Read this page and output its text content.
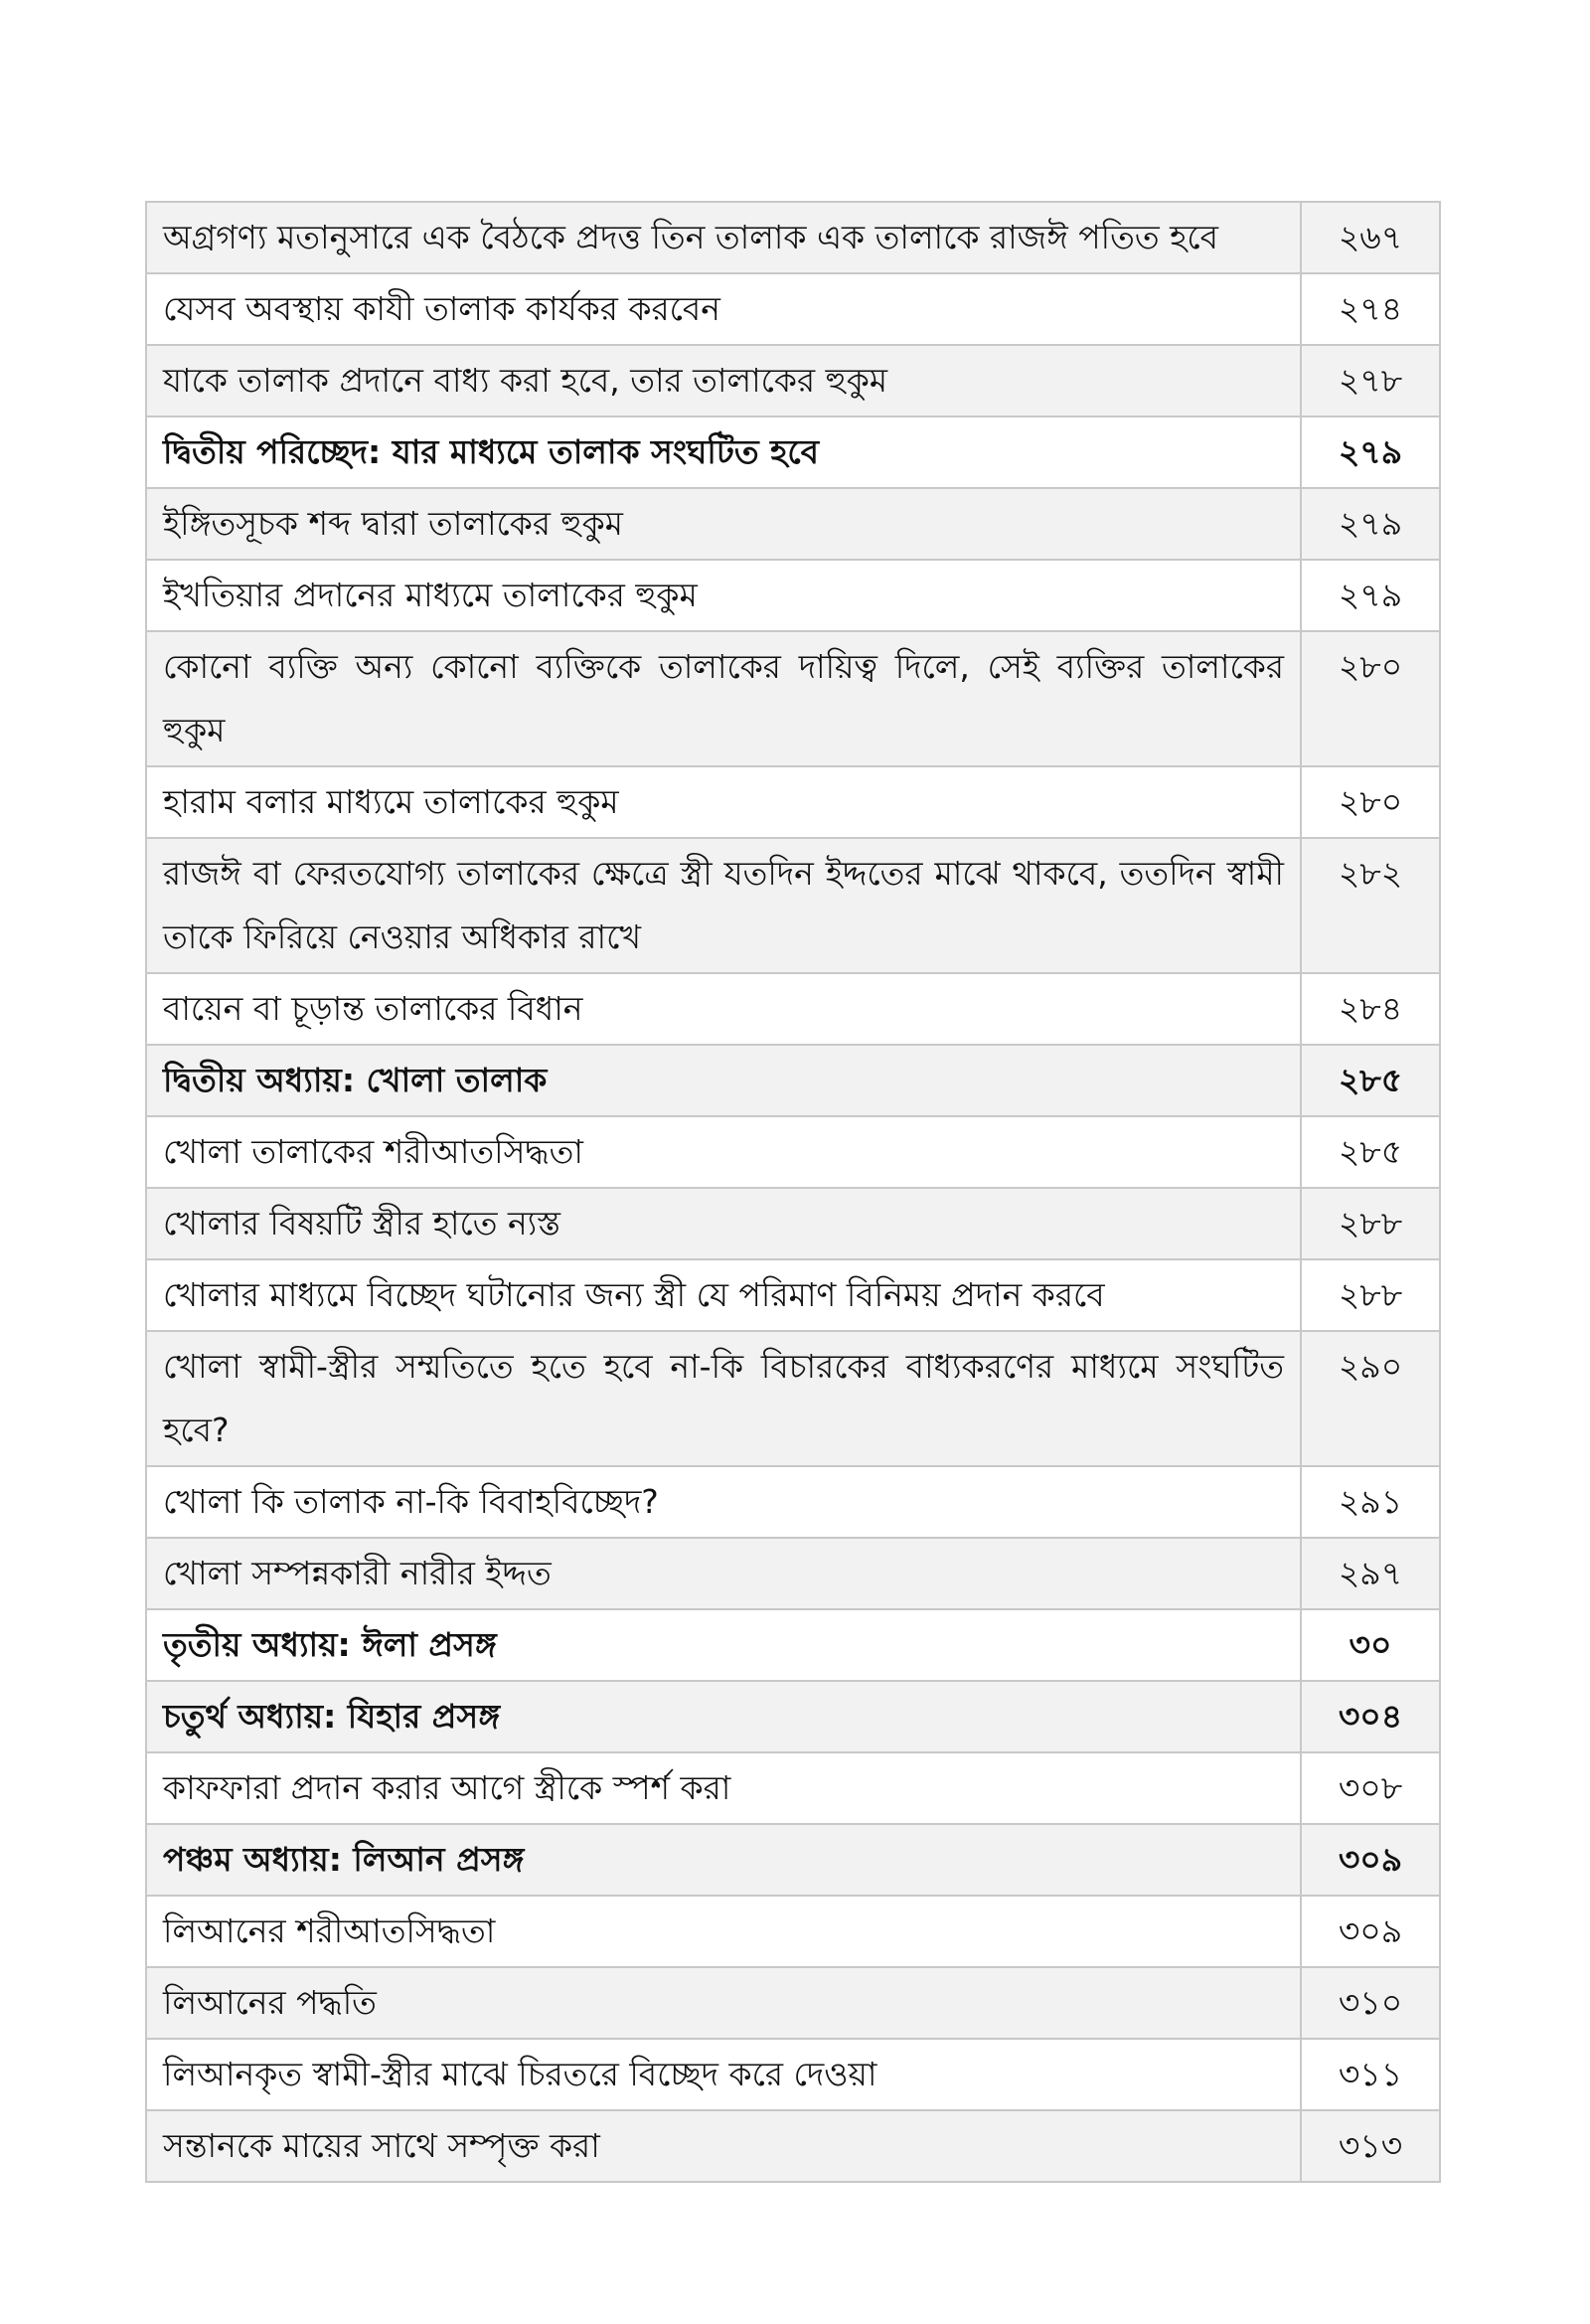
অগ্রগণ্য মতানুসারে এক বৈঠকে প্রদত্ত তিন তালাক এক তালাকে রাজঈ পতিত হবে	২৬৭
যেসব অবস্থায় কাযী তালাক কার্যকর করবেন	২৭৪
যাকে তালাক প্রদানে বাধ্য করা হবে, তার তালাকের হুকুম	২৭৮
দ্বিতীয় পরিচ্ছেদ: যার মাধ্যমে তালাক সংঘটিত হবে	২৭৯
ইঙ্গিতসূচক শব্দ দ্বারা তালাকের হুকুম	২৭৯
ইখতিয়ার প্রদানের মাধ্যমে তালাকের হুকুম	২৭৯
কোনো ব্যক্তি অন্য কোনো ব্যক্তিকে তালাকের দায়িত্ব দিলে, সেই ব্যক্তির তালাকের হুকুম	২৮০
হারাম বলার মাধ্যমে তালাকের হুকুম	২৮০
রাজঈ বা ফেরতযোগ্য তালাকের ক্ষেত্রে স্ত্রী যতদিন ইদ্দতের মাঝে থাকবে, ততদিন স্বামী তাকে ফিরিয়ে নেওয়ার অধিকার রাখে	২৮২
বায়েন বা চূড়ান্ত তালাকের বিধান	২৮৪
দ্বিতীয় অধ্যায়: খোলা তালাক	২৮৫
খোলা তালাকের শরীআতসিদ্ধতা	২৮৫
খোলার বিষয়টি স্ত্রীর হাতে ন্যস্ত	২৮৮
খোলার মাধ্যমে বিচ্ছেদ ঘটানোর জন্য স্ত্রী যে পরিমাণ বিনিময় প্রদান করবে	২৮৮
খোলা স্বামী-স্ত্রীর সম্মতিতে হতে হবে না-কি বিচারকের বাধ্যকরণের মাধ্যমে সংঘটিত হবে?	২৯০
খোলা কি তালাক না-কি বিবাহবিচ্ছেদ?	২৯১
খোলা সম্পন্নকারী নারীর ইদ্দত	২৯৭
তৃতীয় অধ্যায়: ঈলা প্রসঙ্গ	৩০
চতুর্থ অধ্যায়: যিহার প্রসঙ্গ	৩০৪
কাফফারা প্রদান করার আগে স্ত্রীকে স্পর্শ করা	৩০৮
পঞ্চম অধ্যায়: লিআন প্রসঙ্গ	৩০৯
লিআনের শরীআতসিদ্ধতা	৩০৯
লিআনের পদ্ধতি	৩১০
লিআনকৃত স্বামী-স্ত্রীর মাঝে চিরতরে বিচ্ছেদ করে দেওয়া	৩১১
সন্তানকে মায়ের সাথে সম্পৃক্ত করা	৩১৩
